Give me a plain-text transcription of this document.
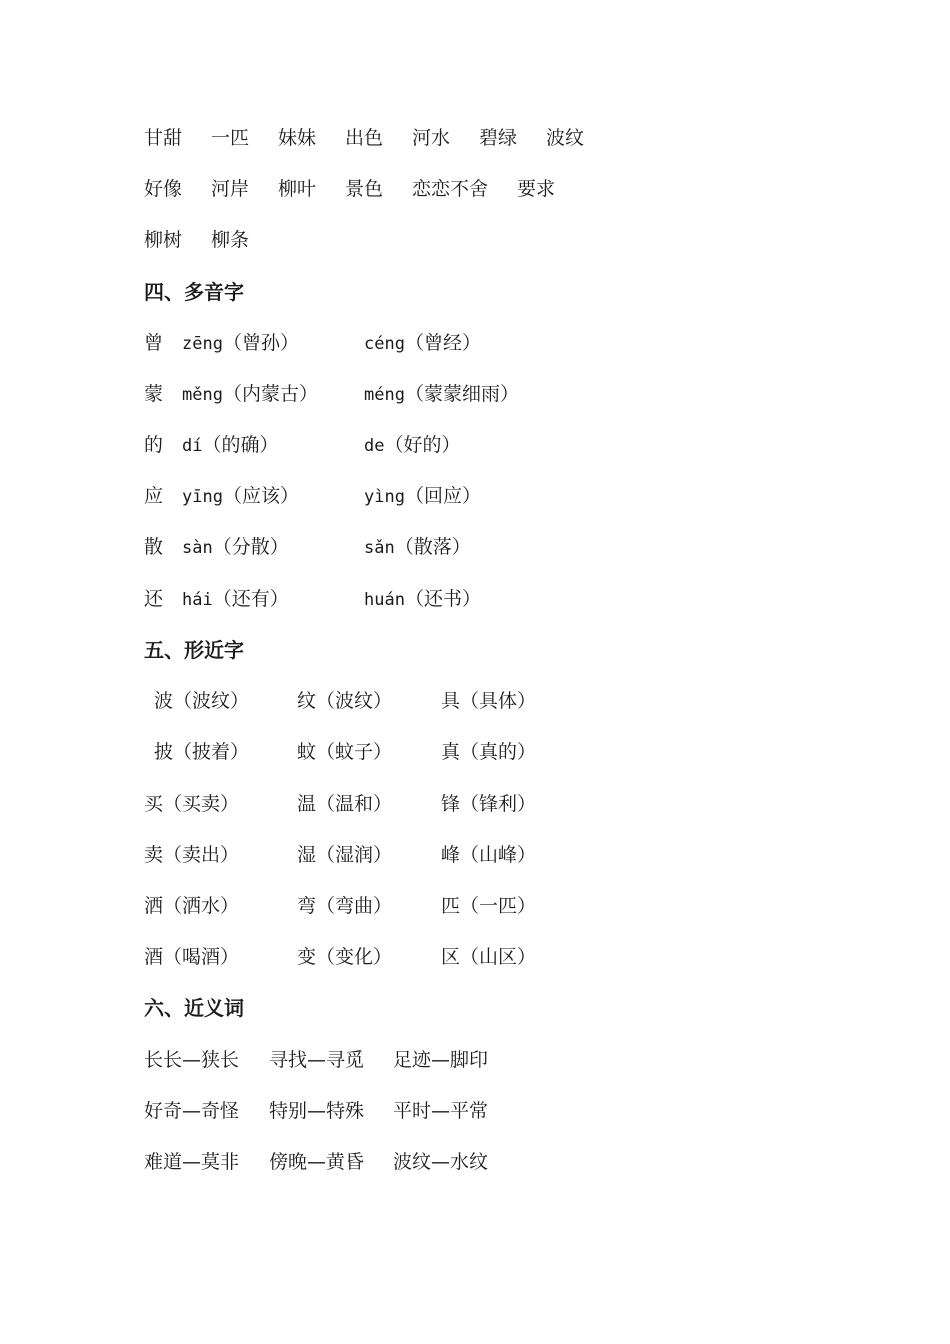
甘甜 一匹 妹妹 出色 河水 碧绿 波纹
好像 河岸 柳叶 景色 恋恋不舍 要求
柳树 柳条
四、多音字
曾 zēng（曾孙）	céng（曾经）
蒙 měng（内蒙古）	méng（蒙蒙细雨）
的 dí（的确）	de（好的）
应 yīng（应该）	yìng（回应）
散 sàn（分散）	sǎn（散落）
还 hái（还有）	huán（还书）
五、形近字
波（波纹）	纹（波纹）	具（具体）
披（披着）	蚊（蚊子）	真（真的）
买（买卖）	温（温和）	锋（锋利）
卖（卖出）	湿（湿润）	峰（山峰）
洒（洒水）	弯（弯曲）	匹（一匹）
酒（喝酒）	变（变化）	区（山区）
六、近义词
长长—狭长 寻找—寻觅 足迹—脚印
好奇—奇怪 特别—特殊 平时—平常
难道—莫非 傍晚—黄昏 波纹—水纹
